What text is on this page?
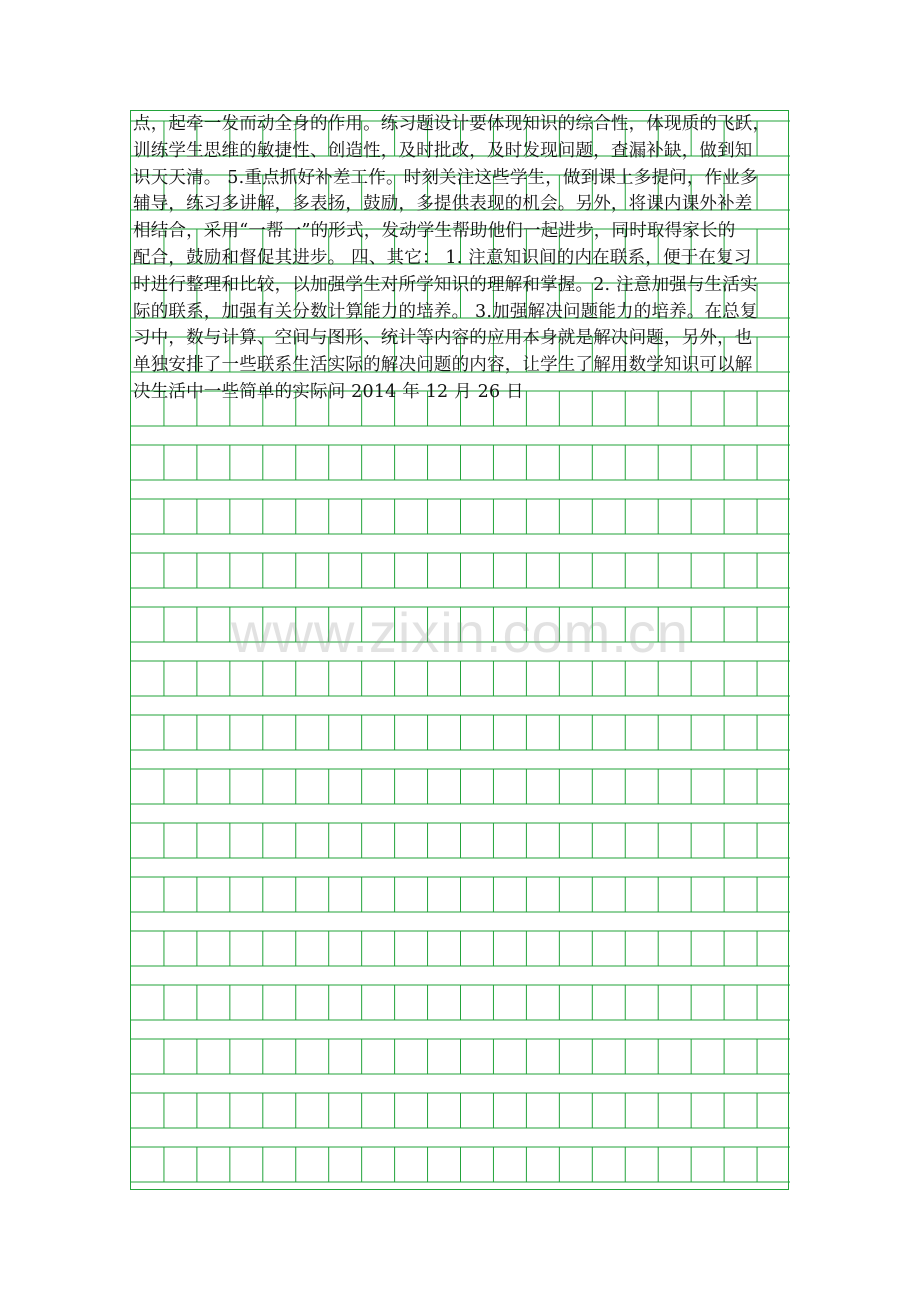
点，起牵一发而动全身的作用。练习题设计要体现知识的综合性，体现质的飞跃，
训练学生思维的敏捷性、创造性，及时批改，及时发现问题，查漏补缺，做到知
识天天清。 5.重点抓好补差工作。时刻关注这些学生，做到课上多提问，作业多
辅导，练习多讲解，多表扬，鼓励，多提供表现的机会。另外，将课内课外补差
相结合，采用“一帮一”的形式，发动学生帮助他们一起进步，同时取得家长的
配合，鼓励和督促其进步。 四、其它： 1. 注意知识间的内在联系，便于在复习
时进行整理和比较，以加强学生对所学知识的理解和掌握。2. 注意加强与生活实
际的联系，加强有关分数计算能力的培养。 3.加强解决问题能力的培养。在总复
习中，数与计算、空间与图形、统计等内容的应用本身就是解决问题，另外，也
单独安排了一些联系生活实际的解决问题的内容，让学生了解用数学知识可以解
决生活中一些简单的实际问 2014 年 12 月 26 日
www.zixin.com.cn
